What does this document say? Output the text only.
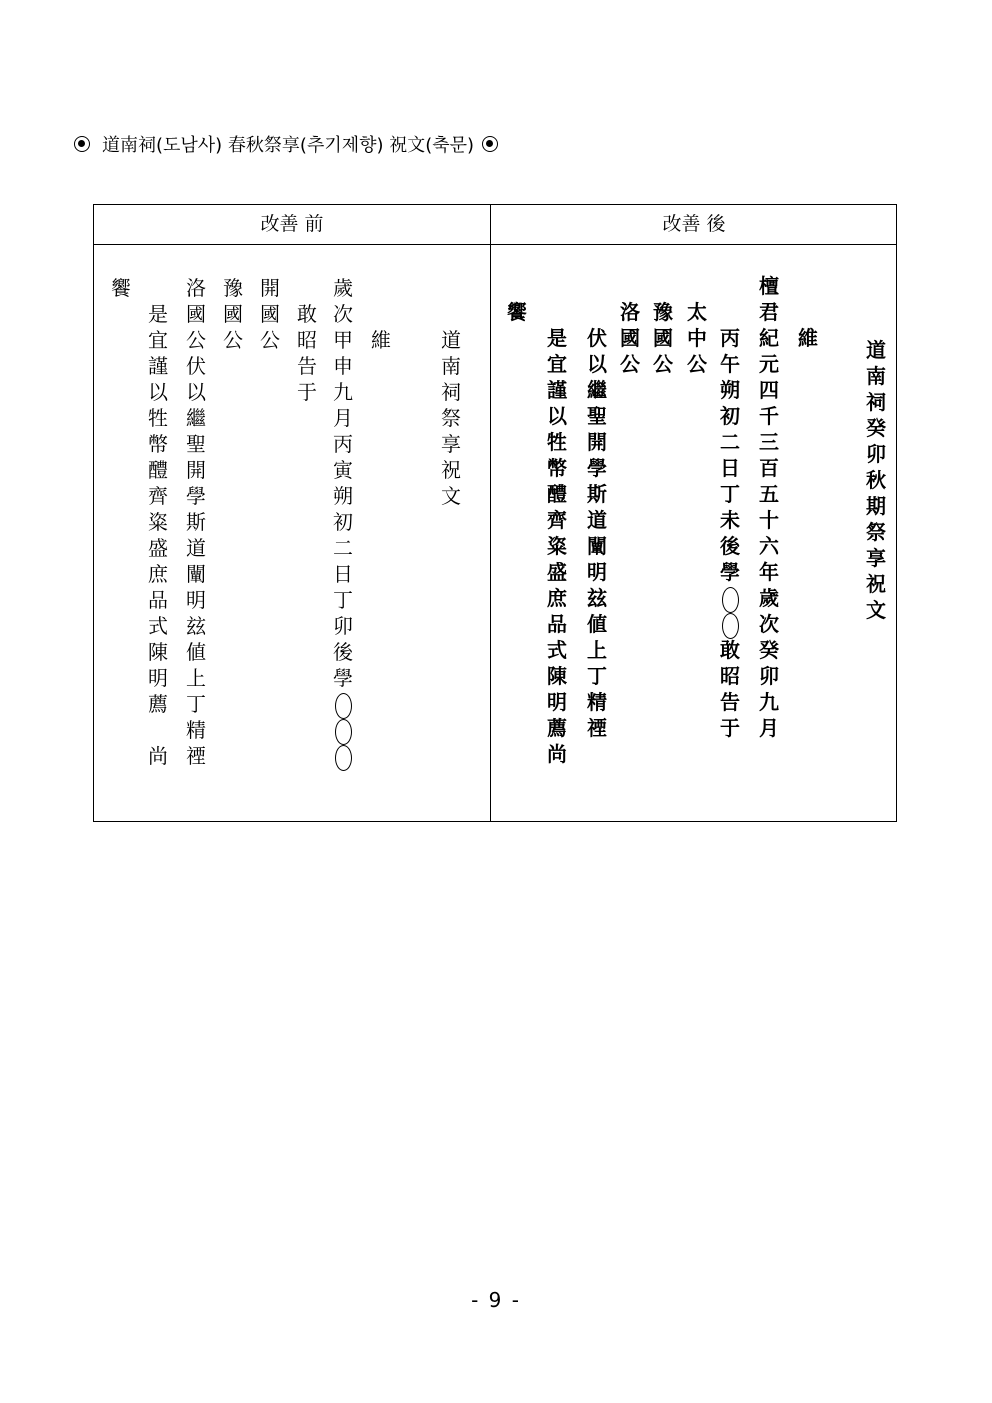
道南祠(도남사) 春秋祭享(추기제향) 祝文(축문)
改善 前	改善 後
饗
是
宜
謹
以
牲
幣
醴
齊
粢
盛
庶
品
式
陳
明
薦
尚
洛
國
公
伏
以
繼
聖
開
學
斯
道
闡
明
玆
値
上
丁
精
禋
豫
國
公
開
國
公
敢
昭
告
于
歲
次
甲
申
九
月
丙
寅
朔
初
二
日
丁
卯
後
學
維	道
南
祠
祭
享
祝
文
饗
是
宜
謹
以
牲
幣
醴
齊
粢
盛
庶
品
式
陳
明
薦
尚
伏
以
繼
聖
開
學
斯
道
闡
明
玆
値
上
丁
精
禋
洛
國
公
豫
國
公
太
中
公
丙
午
朔
初
二
日
丁
未
後
學
敢
昭
告
于
檀
君
紀
元
四
千
三
百
五
十
六
年
歲
次
癸
卯
九
月
維 道
南
祠
癸
卯
秋
期
祭
享
祝
文
- 9 -
